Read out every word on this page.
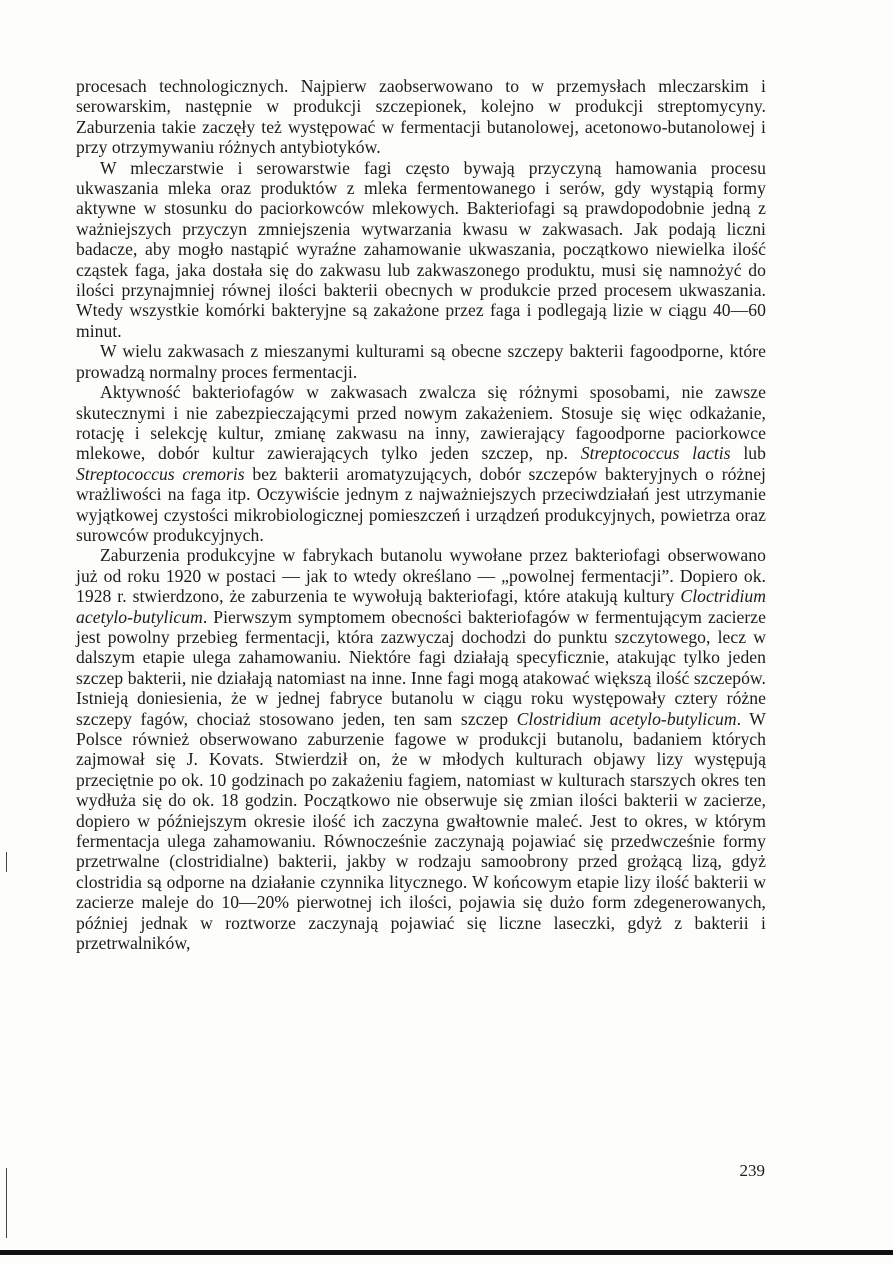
procesach technologicznych. Najpierw zaobserwowano to w przemysłach mleczarskim i serowarskim, następnie w produkcji szczepionek, kolejno w produkcji streptomycyny. Zaburzenia takie zaczęły też występować w fermentacji butanolowej, acetonowo-butanolowej i przy otrzymywaniu różnych antybiotyków.

W mleczarstwie i serowarstwie fagi często bywają przyczyną hamowania procesu ukwaszania mleka oraz produktów z mleka fermentowanego i serów, gdy wystąpią formy aktywne w stosunku do paciorkowców mlekowych. Bakteriofagi są prawdopodobnie jedną z ważniejszych przyczyn zmniejszenia wytwarzania kwasu w zakwasach. Jak podają liczni badacze, aby mogło nastąpić wyraźne zahamowanie ukwaszania, początkowo niewielka ilość cząstek faga, jaka dostała się do zakwasu lub zakwaszonego produktu, musi się namnożyć do ilości przynajmniej równej ilości bakterii obecnych w produkcie przed procesem ukwaszania. Wtedy wszystkie komórki bakteryjne są zakażone przez faga i podlegają lizie w ciągu 40—60 minut.

W wielu zakwasach z mieszanymi kulturami są obecne szczepy bakterii fagoodporne, które prowadzą normalny proces fermentacji.

Aktywność bakteriofagów w zakwasach zwalcza się różnymi sposobami, nie zawsze skutecznymi i nie zabezpieczającymi przed nowym zakażeniem. Stosuje się więc odkażanie, rotację i selekcję kultur, zmianę zakwasu na inny, zawierający fagoodporne paciorkowce mlekowe, dobór kultur zawierających tylko jeden szczep, np. Streptococcus lactis lub Streptococcus cremoris bez bakterii aromatyzujących, dobór szczepów bakteryjnych o różnej wrażliwości na faga itp. Oczywiście jednym z najważniejszych przeciwdziałań jest utrzymanie wyjątkowej czystości mikrobiologicznej pomieszczeń i urządzeń produkcyjnych, powietrza oraz surowców produkcyjnych.

Zaburzenia produkcyjne w fabrykach butanolu wywołane przez bakteriofagi obserwowano już od roku 1920 w postaci — jak to wtedy określano — „powolnej fermentacji”. Dopiero ok. 1928 r. stwierdzono, że zaburzenia te wywołują bakteriofagi, które atakują kultury Cloctridium acetylo-butylicum. Pierwszym symptomem obecności bakteriofagów w fermentującym zacierze jest powolny przebieg fermentacji, która zazwyczaj dochodzi do punktu szczytowego, lecz w dalszym etapie ulega zahamowaniu. Niektóre fagi działają specyficznie, atakując tylko jeden szczep bakterii, nie działają natomiast na inne. Inne fagi mogą atakować większą ilość szczepów. Istnieją doniesienia, że w jednej fabryce butanolu w ciągu roku występowały cztery różne szczepy fagów, chociaż stosowano jeden, ten sam szczep Clostridium acetylo-butylicum. W Polsce również obserwowano zaburzenie fagowe w produkcji butanolu, badaniem których zajmował się J. Kovats. Stwierdził on, że w młodych kulturach objawy lizy występują przeciętnie po ok. 10 godzinach po zakażeniu fagiem, natomiast w kulturach starszych okres ten wydłuża się do ok. 18 godzin. Początkowo nie obserwuje się zmian ilości bakterii w zacierze, dopiero w późniejszym okresie ilość ich zaczyna gwałtownie maleć. Jest to okres, w którym fermentacja ulega zahamowaniu. Równocześnie zaczynają pojawiać się przedwcześnie formy przetrwalne (clostridialne) bakterii, jakby w rodzaju samoobrony przed grożącą lizą, gdyż clostridia są odporne na działanie czynnika litycznego. W końcowym etapie lizy ilość bakterii w zacierze maleje do 10—20% pierwotnej ich ilości, pojawia się dużo form zdegenerowanych, później jednak w roztworze zaczynają pojawiać się liczne laseczki, gdyż z bakterii i przetrwalników,

239
